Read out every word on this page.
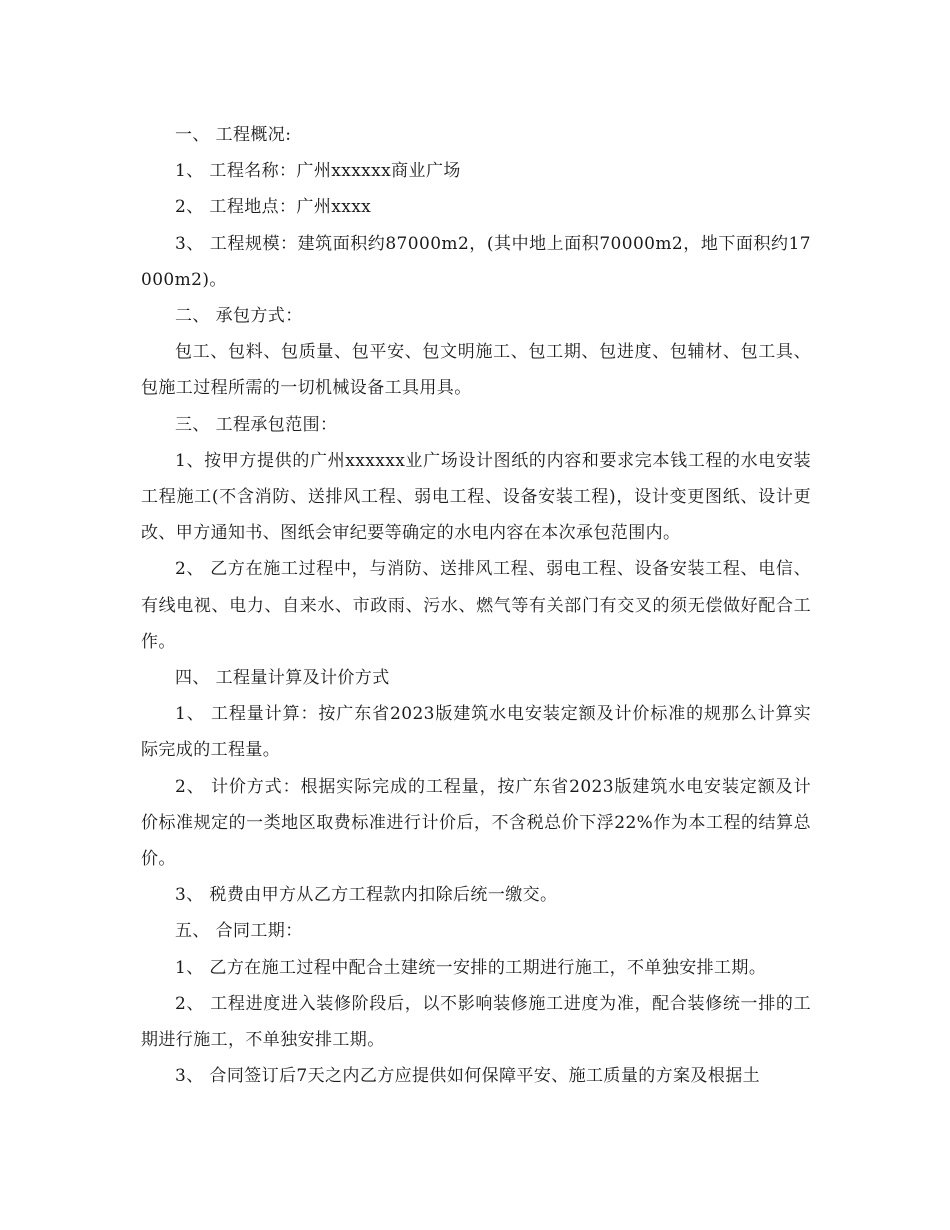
一、 工程概况:

1、 工程名称：广州xxxxxx商业广场

2、 工程地点：广州xxxx

3、 工程规模：建筑面积约87000m2，(其中地上面积70000m2，地下面积约17000m2)。

二、 承包方式：

包工、包料、包质量、包平安、包文明施工、包工期、包进度、包辅材、包工具、包施工过程所需的一切机械设备工具用具。

三、 工程承包范围：

1、按甲方提供的广州xxxxxx业广场设计图纸的内容和要求完本钱工程的水电安装工程施工(不含消防、送排风工程、弱电工程、设备安装工程)，设计变更图纸、设计更改、甲方通知书、图纸会审纪要等确定的水电内容在本次承包范围内。

2、 乙方在施工过程中，与消防、送排风工程、弱电工程、设备安装工程、电信、有线电视、电力、自来水、市政雨、污水、燃气等有关部门有交叉的须无偿做好配合工作。

四、 工程量计算及计价方式

1、 工程量计算：按广东省2023版建筑水电安装定额及计价标准的规那么计算实际完成的工程量。

2、 计价方式：根据实际完成的工程量，按广东省2023版建筑水电安装定额及计价标准规定的一类地区取费标准进行计价后，不含税总价下浮22%作为本工程的结算总价。

3、 税费由甲方从乙方工程款内扣除后统一缴交。

五、 合同工期：

1、 乙方在施工过程中配合土建统一安排的工期进行施工，不单独安排工期。

2、 工程进度进入装修阶段后，以不影响装修施工进度为准，配合装修统一排的工期进行施工，不单独安排工期。

3、 合同签订后7天之内乙方应提供如何保障平安、施工质量的方案及根据土
